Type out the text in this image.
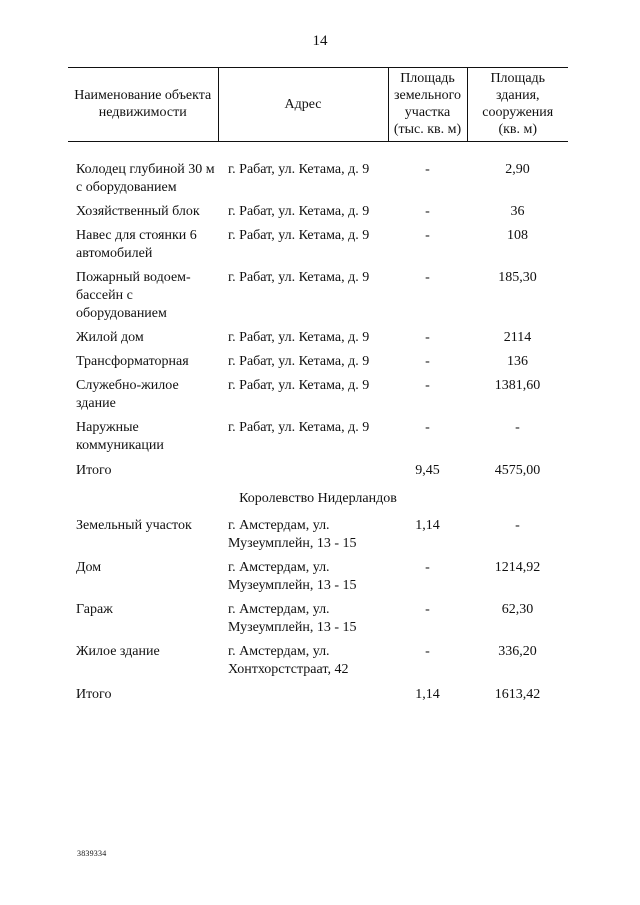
14
Наименование объекта недвижимости	Адрес	Площадь земельного участка (тыс. кв. м)	Площадь здания, сооружения (кв. м)

Колодец глубиной 30 м с оборудованием	г. Рабат, ул. Кетама, д. 9	-	2,90
Хозяйственный блок	г. Рабат, ул. Кетама, д. 9	-	36
Навес для стоянки 6 автомобилей	г. Рабат, ул. Кетама, д. 9	-	108
Пожарный водоем-бассейн с оборудованием	г. Рабат, ул. Кетама, д. 9	-	185,30
Жилой дом	г. Рабат, ул. Кетама, д. 9	-	2114
Трансформаторная	г. Рабат, ул. Кетама, д. 9	-	136
Служебно-жилое здание	г. Рабат, ул. Кетама, д. 9	-	1381,60
Наружные коммуникации	г. Рабат, ул. Кетама, д. 9	-	-
Итого		9,45	4575,00
Королевство Нидерландов			
Земельный участок	г. Амстердам, ул. Музеумплейн, 13 - 15	1,14	-
Дом	г. Амстердам, ул. Музеумплейн, 13 - 15	-	1214,92
Гараж	г. Амстердам, ул. Музеумплейн, 13 - 15	-	62,30
Жилое здание	г. Амстердам, ул. Хонтхорстстраат, 42	-	336,20
Итого		1,14	1613,42
3839334
